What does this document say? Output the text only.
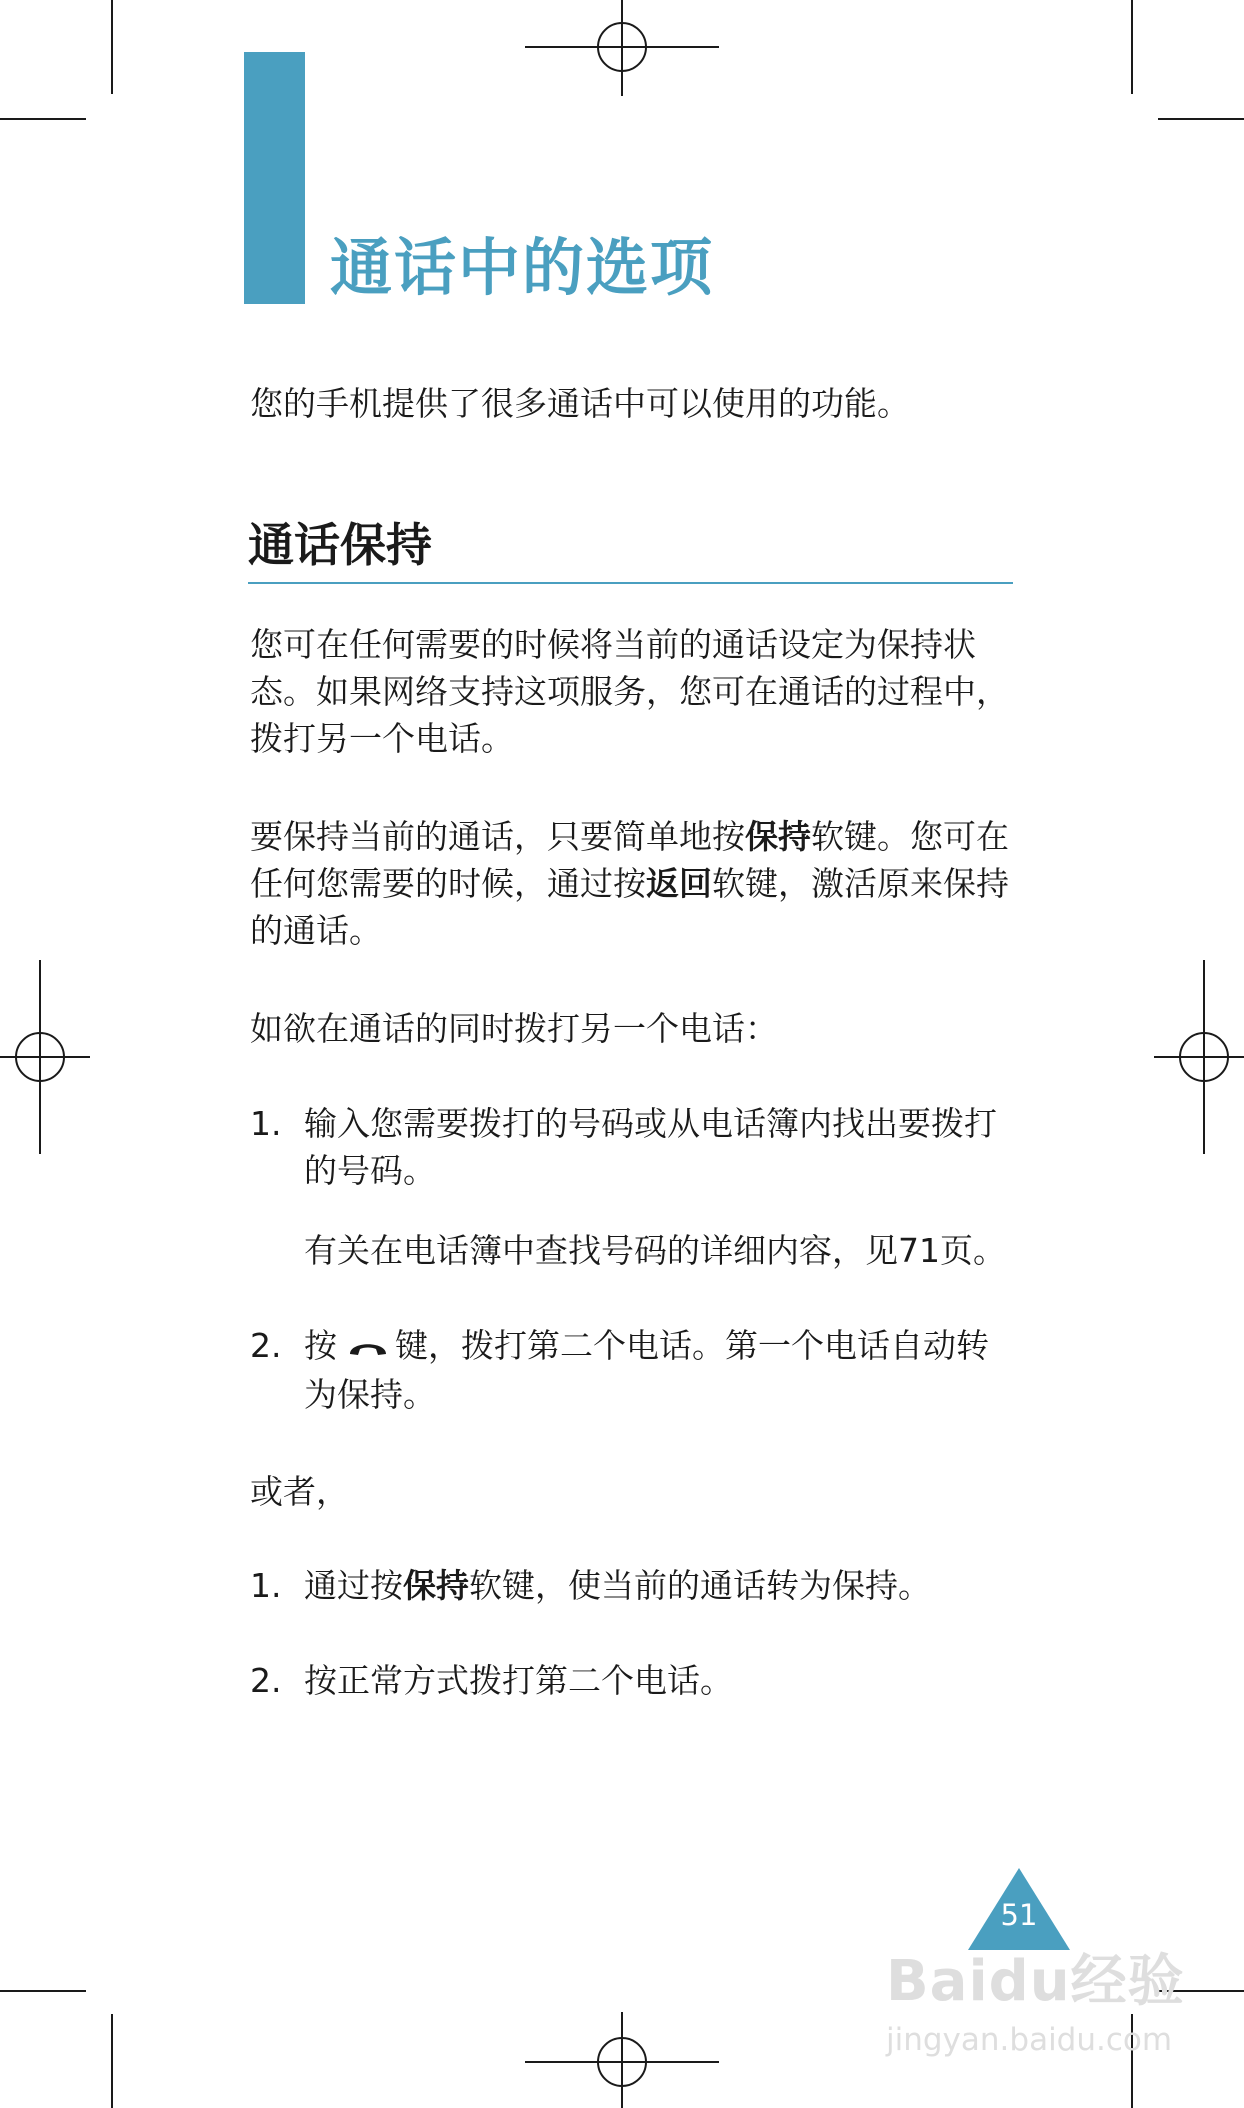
通话中的选项

您的手机提供了很多通话中可以使用的功能。

通话保持

您可在任何需要的时候将当前的通话设定为保持状态。如果网络支持这项服务，您可在通话的过程中，拨打另一个电话。

要保持当前的通话，只要简单地按保持软键。您可在任何您需要的时候，通过按返回软键，激活原来保持的通话。

如欲在通话的同时拨打另一个电话：

1. 输入您需要拨打的号码或从电话簿内找出要拨打的号码。
有关在电话簿中查找号码的详细内容，见71页。
2. 按 键，拨打第二个电话。第一个电话自动转为保持。

或者，

1. 通过按保持软键，使当前的通话转为保持。
2. 按正常方式拨打第二个电话。
51
Baidu经验
jingyan.baidu.com
